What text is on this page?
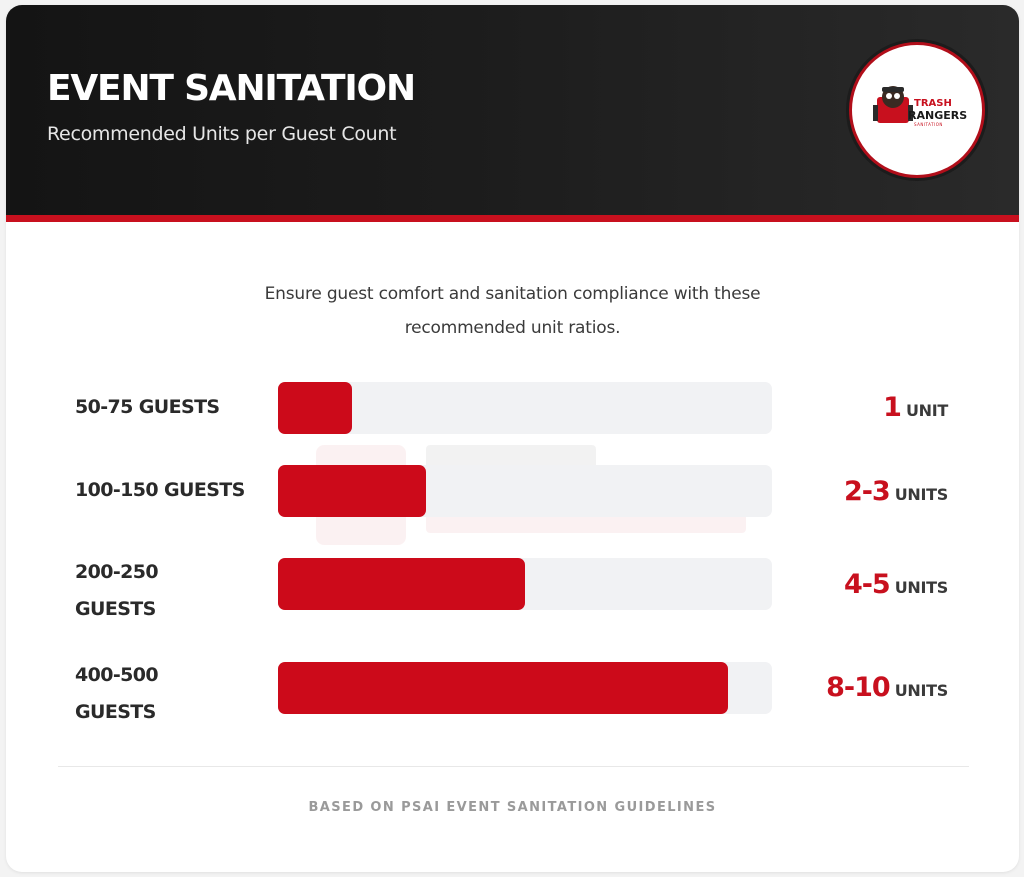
EVENT SANITATION
Recommended Units per Guest Count
TRASH
RANGERS
SANITATION
Ensure guest comfort and sanitation compliance with these
recommended unit ratios.
50-75 GUESTS	1 UNIT
100-150 GUESTS	2-3 UNITS
200-250 GUESTS
4-5 UNITS
400-500 GUESTS
8-10 UNITS
BASED ON PSAI EVENT SANITATION GUIDELINES
